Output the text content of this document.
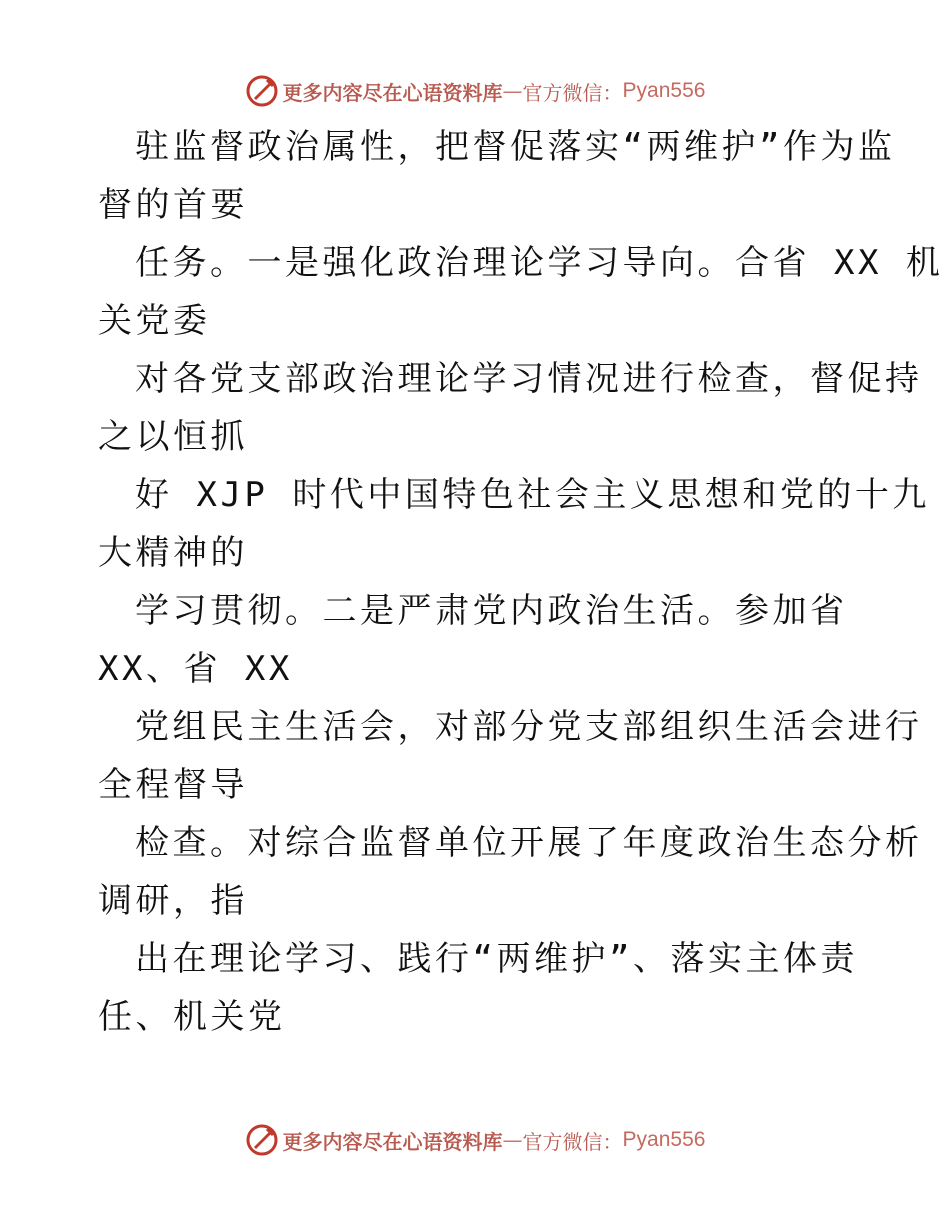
更多内容尽在心语资料库 — 官方微信： Pyan556
驻监督政治属性，把督促落实“两维护”作为监
督的首要
任务。一是强化政治理论学习导向。合省 XX 机
关党委
对各党支部政治理论学习情况进行检查，督促持
之以恒抓
好 XJP 时代中国特色社会主义思想和党的十九
大精神的
学习贯彻。二是严肃党内政治生活。参加省
XX、省 XX
党组民主生活会，对部分党支部组织生活会进行
全程督导
检查。对综合监督单位开展了年度政治生态分析
调研，指
出在理论学习、践行“两维护”、落实主体责
任、机关党
更多内容尽在心语资料库 — 官方微信： Pyan556
